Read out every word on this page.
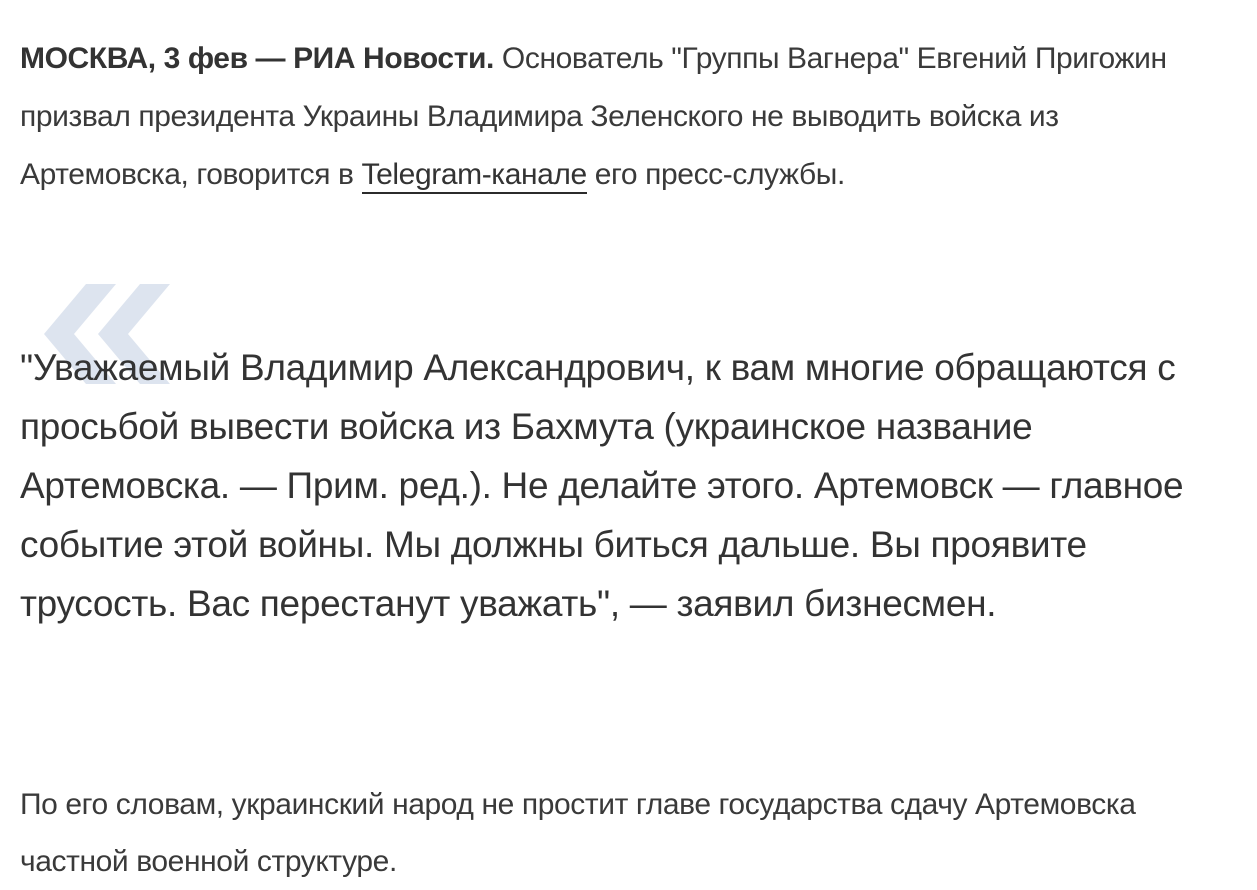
МОСКВА, 3 фев — РИА Новости. Основатель "Группы Вагнера" Евгений Пригожин призвал президента Украины Владимира Зеленского не выводить войска из Артемовска, говорится в Telegram-канале его пресс-службы.

"Уважаемый Владимир Александрович, к вам многие обращаются с просьбой вывести войска из Бахмута (украинское название Артемовска. — Прим. ред.). Не делайте этого. Артемовск — главное событие этой войны. Мы должны биться дальше. Вы проявите трусость. Вас перестанут уважать", — заявил бизнесмен.

По его словам, украинский народ не простит главе государства сдачу Артемовска частной военной структуре.
